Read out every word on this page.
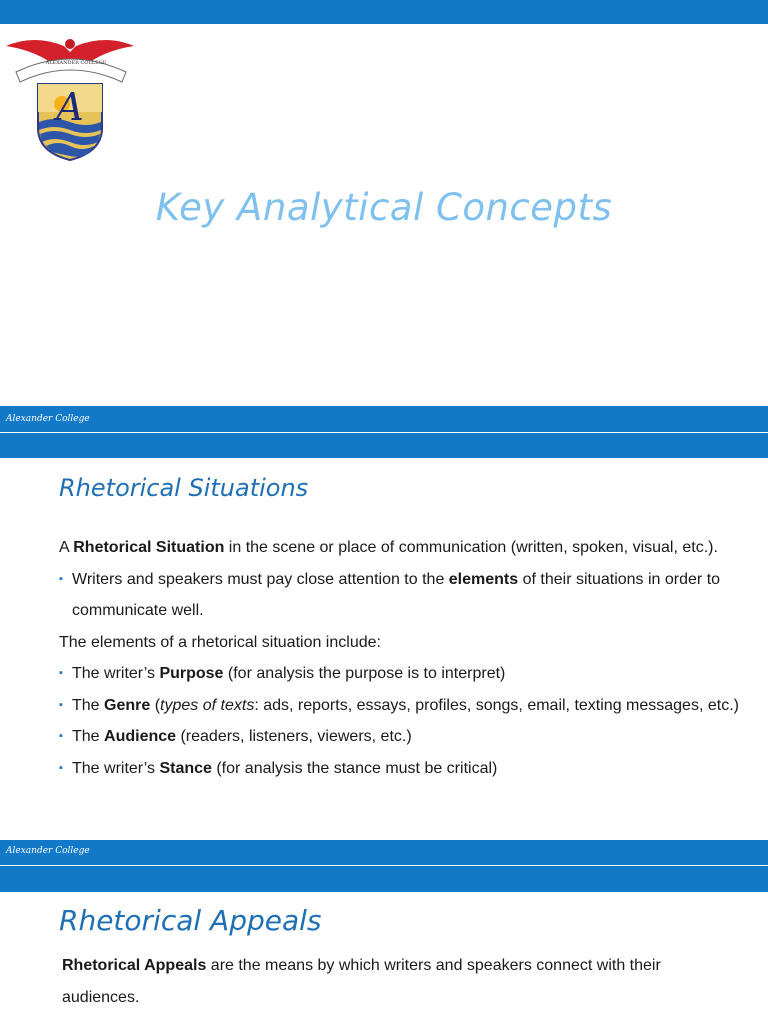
A
ALEXANDER COLLEGE
Key Analytical Concepts
Alexander College
Rhetorical Situations

A Rhetorical Situation in the scene or place of communication (written, spoken, visual, etc.).

▪ Writers and speakers must pay close attention to the elements of their situations in order to communicate well.

The elements of a rhetorical situation include:

▪ The writer’s Purpose (for analysis the purpose is to interpret)

▪ The Genre (types of texts: ads, reports, essays, profiles, songs, email, texting messages, etc.)

▪ The Audience (readers, listeners, viewers, etc.)

▪ The writer’s Stance (for analysis the stance must be critical)

Alexander College
Rhetorical Appeals

Rhetorical Appeals are the means by which writers and speakers connect with their audiences.
